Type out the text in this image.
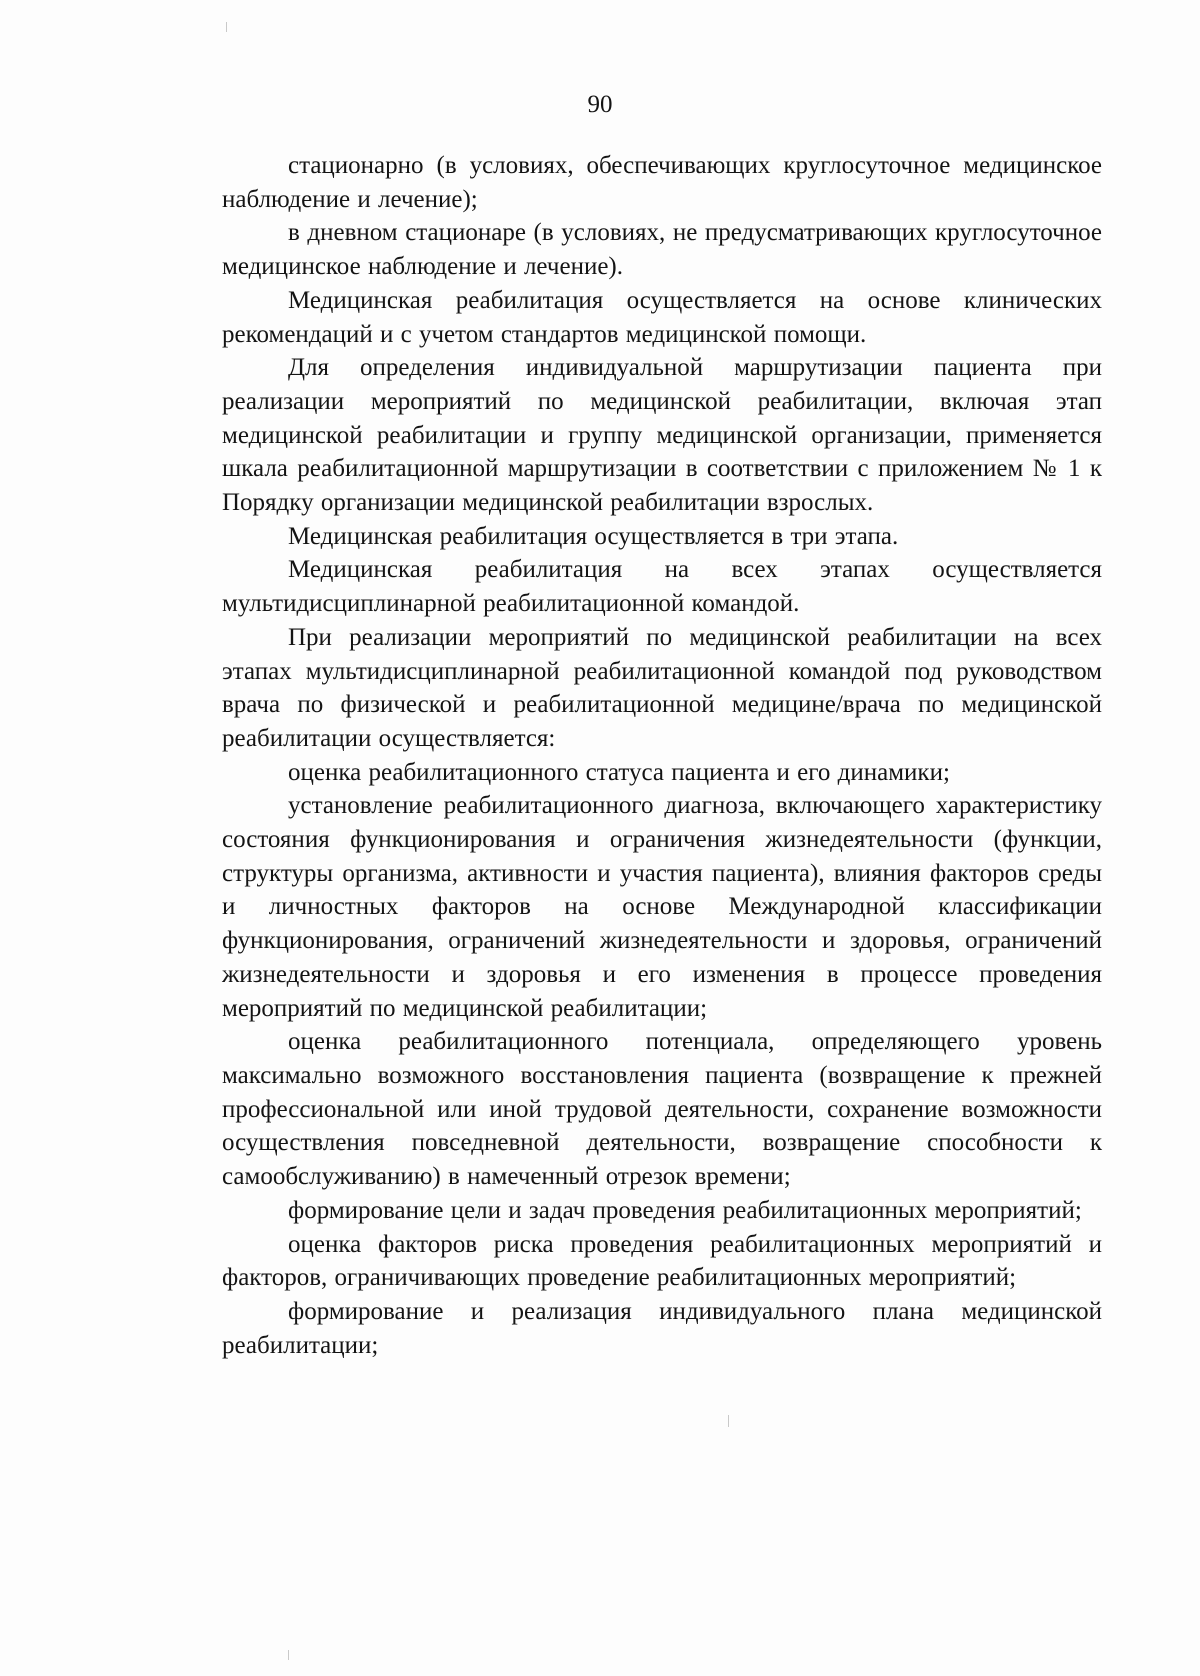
90

стационарно (в условиях, обеспечивающих круглосуточное медицинское наблюдение и лечение);

в дневном стационаре (в условиях, не предусматривающих круглосуточное медицинское наблюдение и лечение).

Медицинская реабилитация осуществляется на основе клинических рекомендаций и с учетом стандартов медицинской помощи.

Для определения индивидуальной маршрутизации пациента при реализации мероприятий по медицинской реабилитации, включая этап медицинской реабилитации и группу медицинской организации, применяется шкала реабилитационной маршрутизации в соответствии с приложением № 1 к Порядку организации медицинской реабилитации взрослых.

Медицинская реабилитация осуществляется в три этапа.

Медицинская реабилитация на всех этапах осуществляется мультидисциплинарной реабилитационной командой.

При реализации мероприятий по медицинской реабилитации на всех этапах мультидисциплинарной реабилитационной командой под руководством врача по физической и реабилитационной медицине/врача по медицинской реабилитации осуществляется:

оценка реабилитационного статуса пациента и его динамики;

установление реабилитационного диагноза, включающего характеристику состояния функционирования и ограничения жизнедеятельности (функции, структуры организма, активности и участия пациента), влияния факторов среды и личностных факторов на основе Международной классификации функционирования, ограничений жизнедеятельности и здоровья, ограничений жизнедеятельности и здоровья и его изменения в процессе проведения мероприятий по медицинской реабилитации;

оценка реабилитационного потенциала, определяющего уровень максимально возможного восстановления пациента (возвращение к прежней профессиональной или иной трудовой деятельности, сохранение возможности осуществления повседневной деятельности, возвращение способности к самообслуживанию) в намеченный отрезок времени;

формирование цели и задач проведения реабилитационных мероприятий;

оценка факторов риска проведения реабилитационных мероприятий и факторов, ограничивающих проведение реабилитационных мероприятий;

формирование и реализация индивидуального плана медицинской реабилитации;
